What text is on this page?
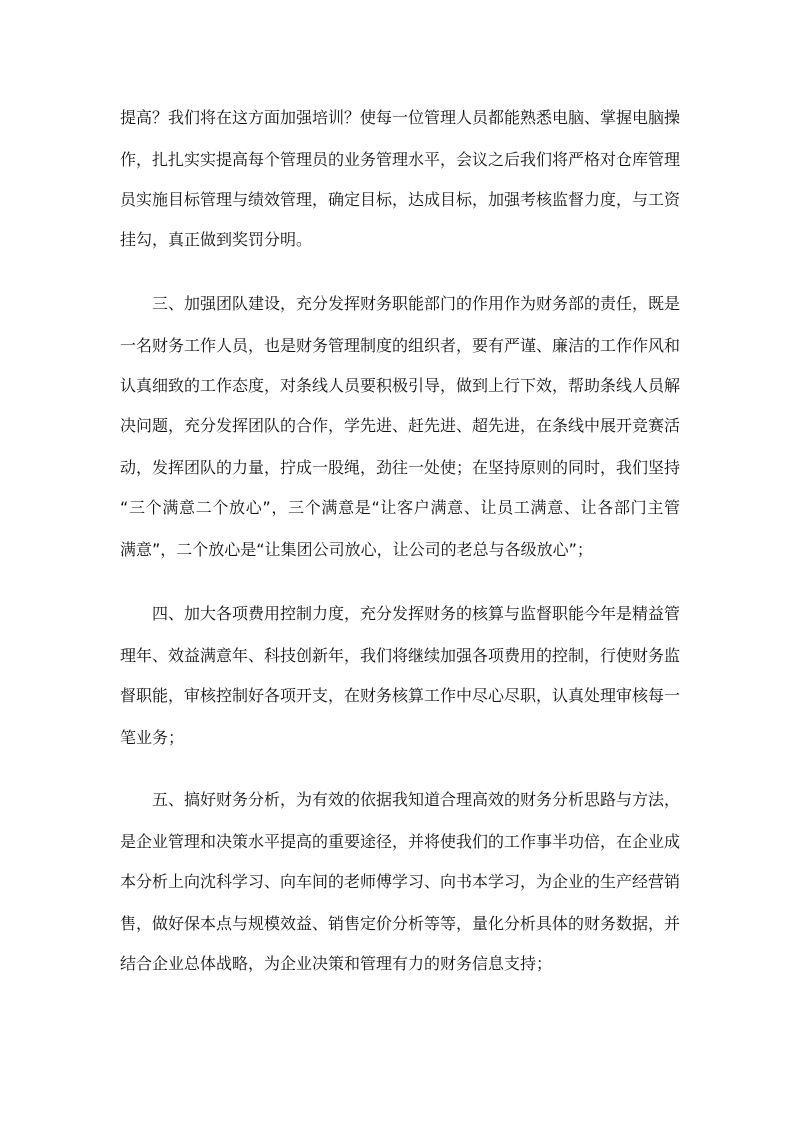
提高？我们将在这方面加强培训？使每一位管理人员都能熟悉电脑、掌握电脑操

作，扎扎实实提高每个管理员的业务管理水平，会议之后我们将严格对仓库管理

员实施目标管理与绩效管理，确定目标，达成目标，加强考核监督力度，与工资

挂勾，真正做到奖罚分明。

三、加强团队建设，充分发挥财务职能部门的作用作为财务部的责任，既是

一名财务工作人员，也是财务管理制度的组织者，要有严谨、廉洁的工作作风和

认真细致的工作态度，对条线人员要积极引导，做到上行下效，帮助条线人员解

决问题，充分发挥团队的合作，学先进、赶先进、超先进，在条线中展开竞赛活

动，发挥团队的力量，拧成一股绳，劲往一处使；在坚持原则的同时，我们坚持

“三个满意二个放心”，三个满意是“让客户满意、让员工满意、让各部门主管

满意”，二个放心是“让集团公司放心，让公司的老总与各级放心”；

四、加大各项费用控制力度，充分发挥财务的核算与监督职能今年是精益管

理年、效益满意年、科技创新年，我们将继续加强各项费用的控制，行使财务监

督职能，审核控制好各项开支，在财务核算工作中尽心尽职，认真处理审核每一

笔业务；

五、搞好财务分析，为有效的依据我知道合理高效的财务分析思路与方法，

是企业管理和决策水平提高的重要途径，并将使我们的工作事半功倍，在企业成

本分析上向沈科学习、向车间的老师傅学习、向书本学习，为企业的生产经营销

售，做好保本点与规模效益、销售定价分析等等，量化分析具体的财务数据，并

结合企业总体战略，为企业决策和管理有力的财务信息支持；
